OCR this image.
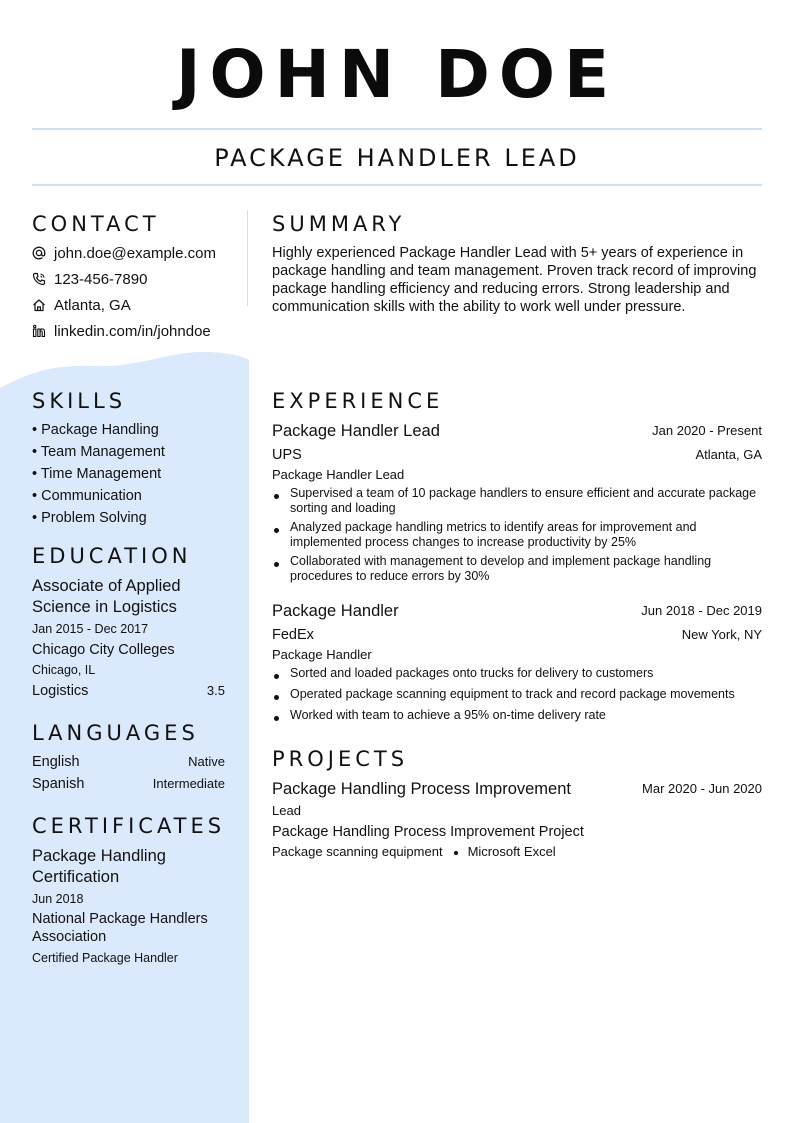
JOHN DOE
PACKAGE HANDLER LEAD
CONTACT
john.doe@example.com
123-456-7890
Atlanta, GA
linkedin.com/in/johndoe
SKILLS
• Package Handling
• Team Management
• Time Management
• Communication
• Problem Solving
EDUCATION
Associate of Applied Science in Logistics
Jan 2015 - Dec 2017
Chicago City Colleges
Chicago, IL
Logistics	3.5
LANGUAGES
English	Native
Spanish	Intermediate
CERTIFICATES
Package Handling Certification
Jun 2018
National Package Handlers Association
Certified Package Handler
SUMMARY
Highly experienced Package Handler Lead with 5+ years of experience in package handling and team management. Proven track record of improving package handling efficiency and reducing errors. Strong leadership and communication skills with the ability to work well under pressure.
EXPERIENCE
Package Handler Lead	Jan 2020 - Present
UPS	Atlanta, GA
Package Handler Lead
Supervised a team of 10 package handlers to ensure efficient and accurate package sorting and loading
Analyzed package handling metrics to identify areas for improvement and implemented process changes to increase productivity by 25%
Collaborated with management to develop and implement package handling procedures to reduce errors by 30%
Package Handler	Jun 2018 - Dec 2019
FedEx	New York, NY
Package Handler
Sorted and loaded packages onto trucks for delivery to customers
Operated package scanning equipment to track and record package movements
Worked with team to achieve a 95% on-time delivery rate
PROJECTS
Package Handling Process Improvement	Mar 2020 - Jun 2020
Lead
Package Handling Process Improvement Project
Package scanning equipment Microsoft Excel
